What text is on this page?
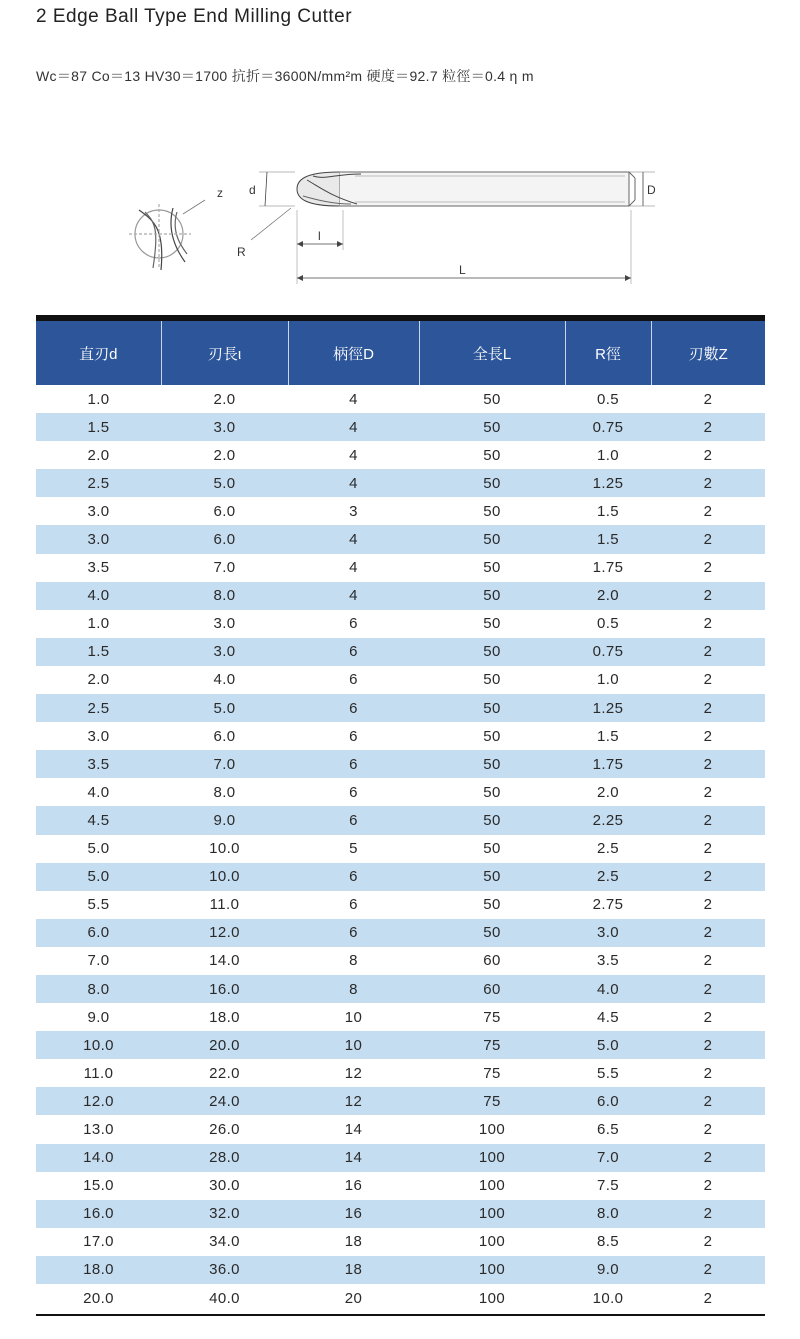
2 Edge Ball Type End Milling Cutter
Wc＝87 Co＝13 HV30＝1700 抗折＝3600N/mm²m 硬度＝92.7 粒徑＝0.4 η m
z d	D
R
l
L
直刃d	刃長ι	柄徑D	全長L	R徑	刃數Z
1.0	2.0	4	50	0.5	2
1.5	3.0	4	50	0.75	2
2.0	2.0	4	50	1.0	2
2.5	5.0	4	50	1.25	2
3.0	6.0	3	50	1.5	2
3.0	6.0	4	50	1.5	2
3.5	7.0	4	50	1.75	2
4.0	8.0	4	50	2.0	2
1.0	3.0	6	50	0.5	2
1.5	3.0	6	50	0.75	2
2.0	4.0	6	50	1.0	2
2.5	5.0	6	50	1.25	2
3.0	6.0	6	50	1.5	2
3.5	7.0	6	50	1.75	2
4.0	8.0	6	50	2.0	2
4.5	9.0	6	50	2.25	2
5.0	10.0	5	50	2.5	2
5.0	10.0	6	50	2.5	2
5.5	11.0	6	50	2.75	2
6.0	12.0	6	50	3.0	2
7.0	14.0	8	60	3.5	2
8.0	16.0	8	60	4.0	2
9.0	18.0	10	75	4.5	2
10.0	20.0	10	75	5.0	2
11.0	22.0	12	75	5.5	2
12.0	24.0	12	75	6.0	2
13.0	26.0	14	100	6.5	2
14.0	28.0	14	100	7.0	2
15.0	30.0	16	100	7.5	2
16.0	32.0	16	100	8.0	2
17.0	34.0	18	100	8.5	2
18.0	36.0	18	100	9.0	2
20.0	40.0	20	100	10.0	2
